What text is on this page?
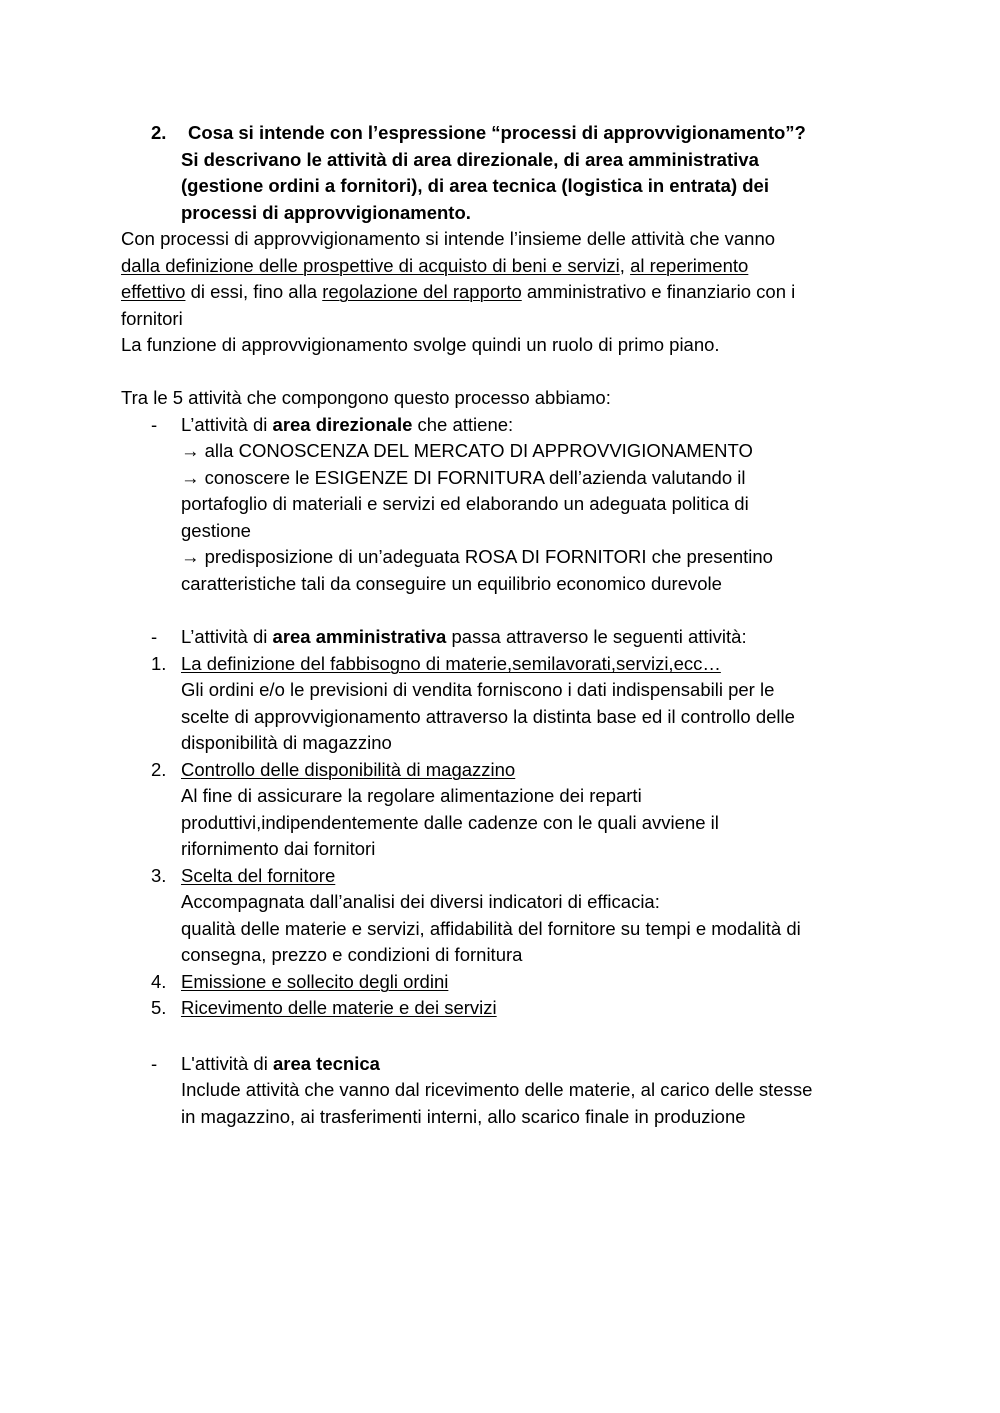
2. Cosa si intende con l’espressione “processi di approvvigionamento”?
Si descrivano le attività di area direzionale, di area amministrativa
(gestione ordini a fornitori), di area tecnica (logistica in entrata) dei
processi di approvvigionamento.
Con processi di approvvigionamento si intende l’insieme delle attività che vanno
dalla definizione delle prospettive di acquisto di beni e servizi, al reperimento
effettivo di essi, fino alla regolazione del rapporto amministrativo e finanziario con i
fornitori
La funzione di approvvigionamento svolge quindi un ruolo di primo piano.
Tra le 5 attività che compongono questo processo abbiamo:
- L’attività di area direzionale che attiene:
→ alla CONOSCENZA DEL MERCATO DI APPROVVIGIONAMENTO
→ conoscere le ESIGENZE DI FORNITURA dell’azienda valutando il
portafoglio di materiali e servizi ed elaborando un adeguata politica di
gestione
→ predisposizione di un’adeguata ROSA DI FORNITORI che presentino
caratteristiche tali da conseguire un equilibrio economico durevole
- L’attività di area amministrativa passa attraverso le seguenti attività:
1. La definizione del fabbisogno di materie,semilavorati,servizi,ecc…
Gli ordini e/o le previsioni di vendita forniscono i dati indispensabili per le
scelte di approvvigionamento attraverso la distinta base ed il controllo delle
disponibilità di magazzino
2. Controllo delle disponibilità di magazzino
Al fine di assicurare la regolare alimentazione dei reparti
produttivi,indipendentemente dalle cadenze con le quali avviene il
rifornimento dai fornitori
3. Scelta del fornitore
Accompagnata dall’analisi dei diversi indicatori di efficacia:
qualità delle materie e servizi, affidabilità del fornitore su tempi e modalità di
consegna, prezzo e condizioni di fornitura
4. Emissione e sollecito degli ordini
5. Ricevimento delle materie e dei servizi
- L'attività di area tecnica
Include attività che vanno dal ricevimento delle materie, al carico delle stesse
in magazzino, ai trasferimenti interni, allo scarico finale in produzione
